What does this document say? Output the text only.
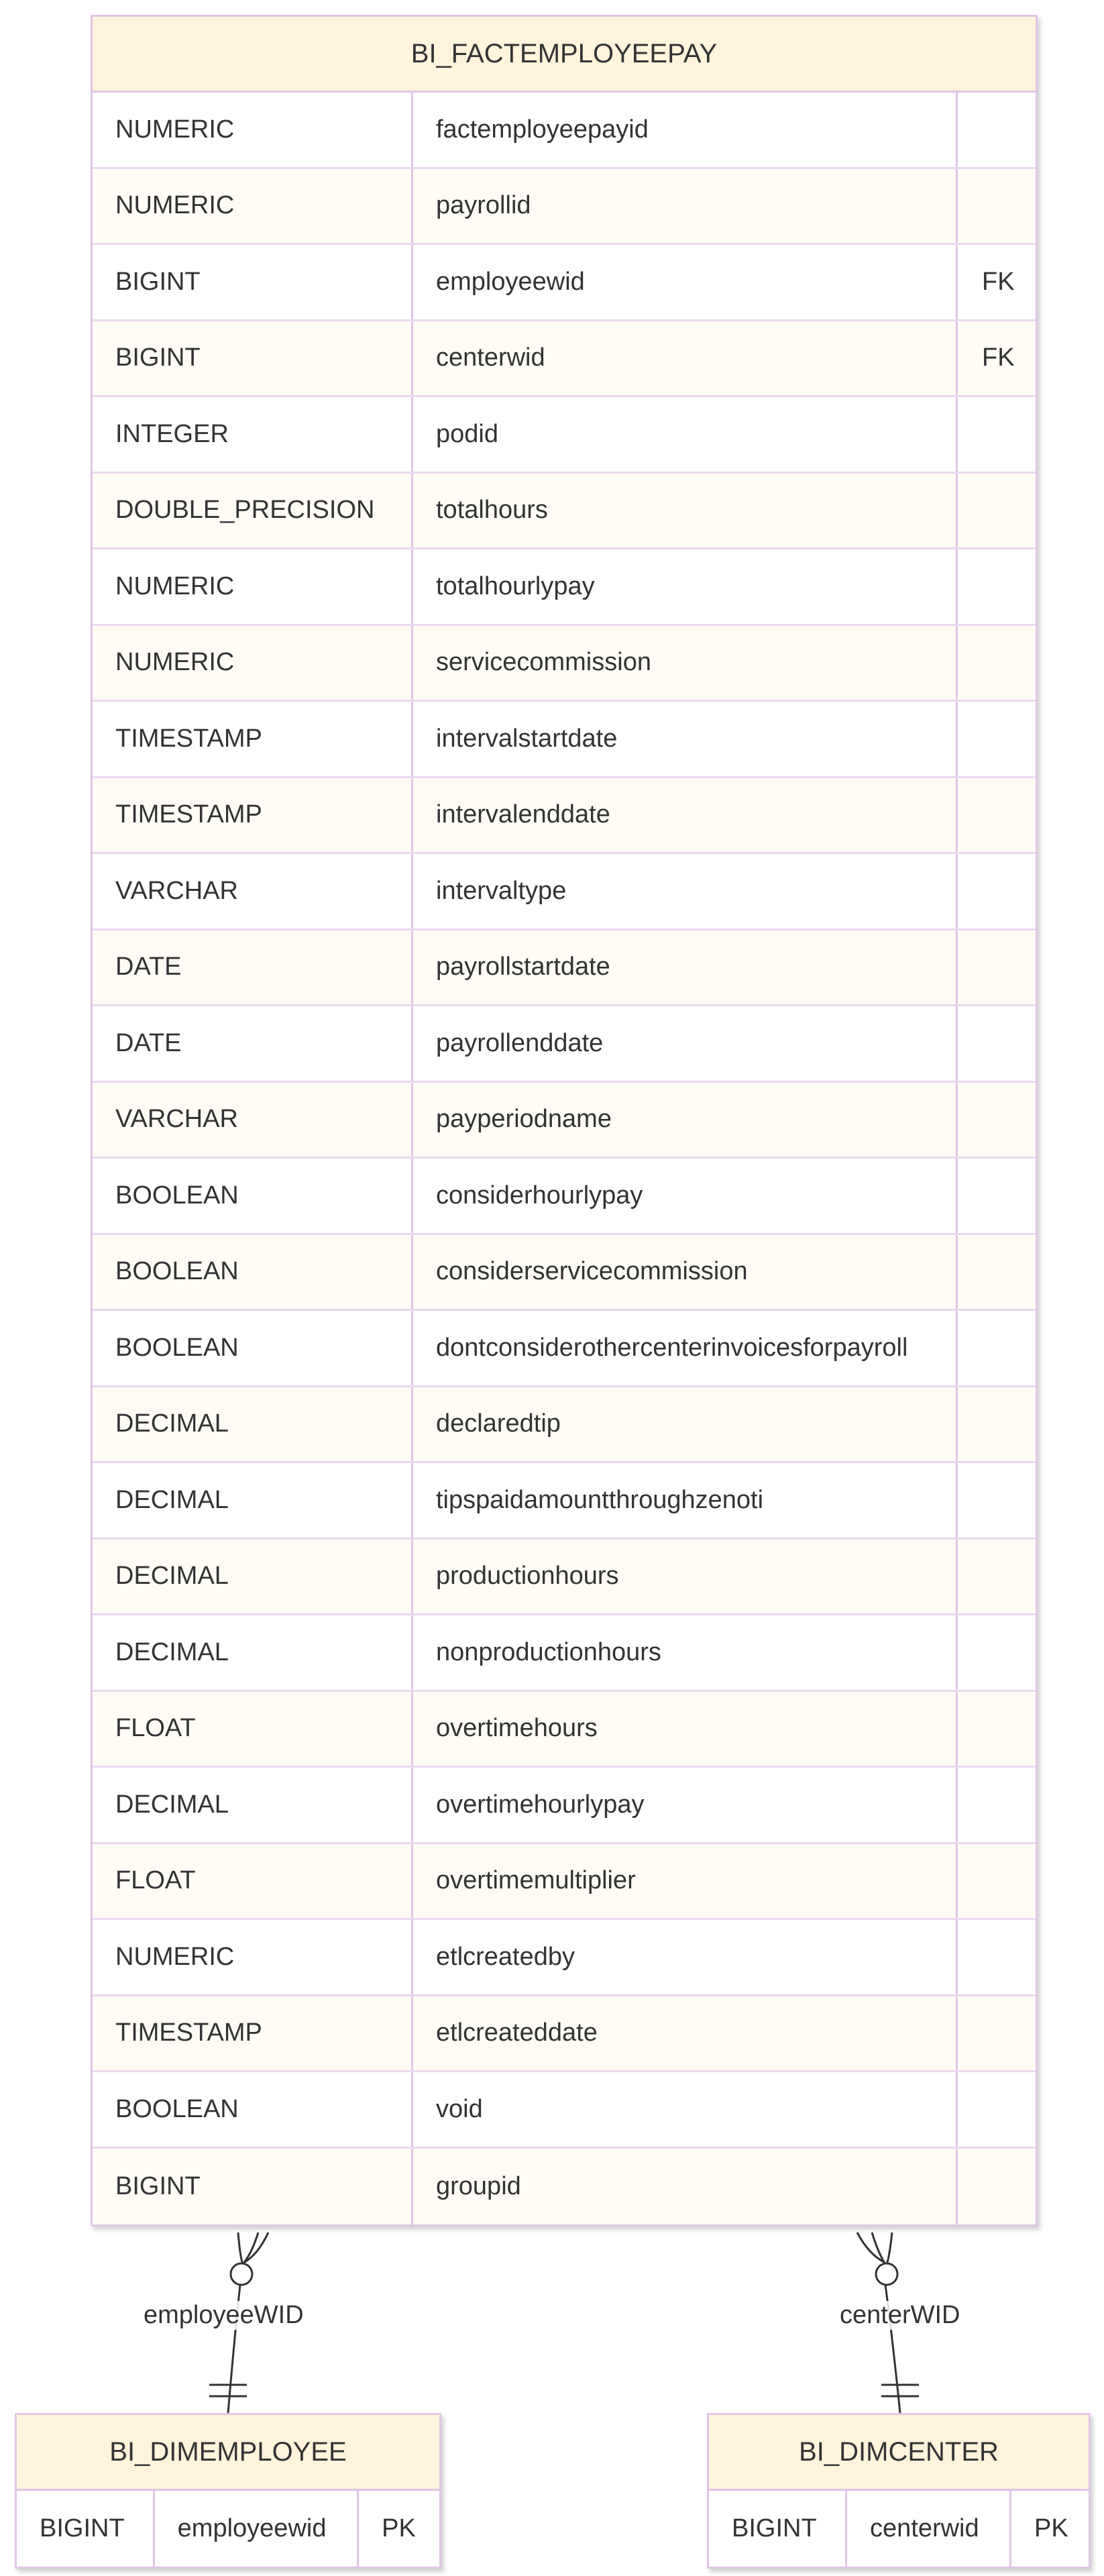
employeeWID	centerWID
BI_FACTEMPLOYEEPAY
NUMERIC	factemployeepayid
NUMERIC	payrollid
BIGINT	employeewid	FK
BIGINT	centerwid	FK
INTEGER	podid
DOUBLE_PRECISION	totalhours
NUMERIC	totalhourlypay
NUMERIC	servicecommission
TIMESTAMP	intervalstartdate
TIMESTAMP	intervalenddate
VARCHAR	intervaltype
DATE	payrollstartdate
DATE	payrollenddate
VARCHAR	payperiodname
BOOLEAN	considerhourlypay
BOOLEAN	considerservicecommission
BOOLEAN	dontconsiderothercenterinvoicesforpayroll
DECIMAL	declaredtip
DECIMAL	tipspaidamountthroughzenoti
DECIMAL	productionhours
DECIMAL	nonproductionhours
FLOAT	overtimehours
DECIMAL	overtimehourlypay
FLOAT	overtimemultiplier
NUMERIC	etlcreatedby
TIMESTAMP	etlcreateddate
BOOLEAN	void
BIGINT	groupid
BI_DIMEMPLOYEE
BIGINT	employeewid	PK
BI_DIMCENTER
BIGINT	centerwid	PK
